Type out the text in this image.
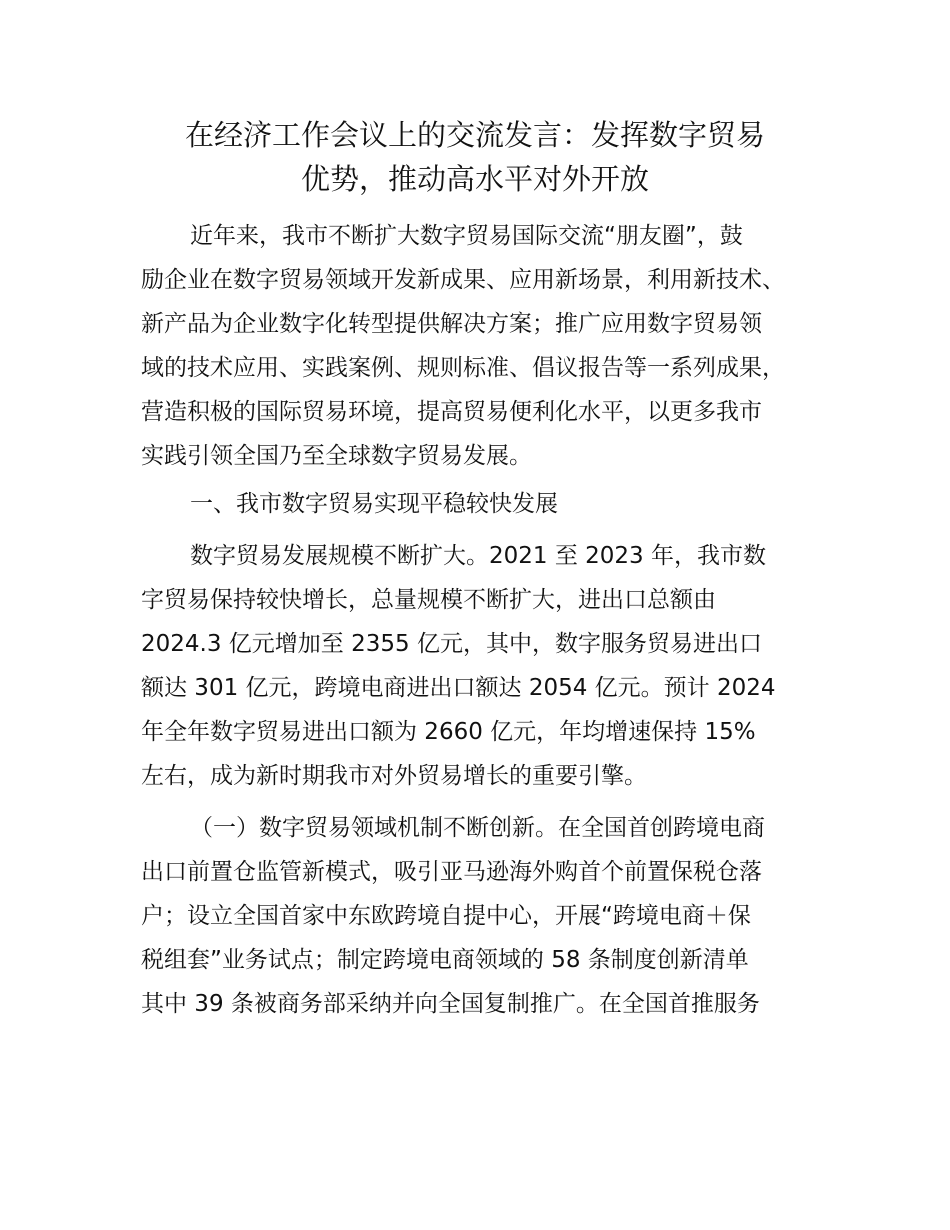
在经济工作会议上的交流发言：发挥数字贸易
优势，推动高水平对外开放

近年来，我市不断扩大数字贸易国际交流“朋友圈”，鼓

励企业在数字贸易领域开发新成果、应用新场景，利用新技术、

新产品为企业数字化转型提供解决方案；推广应用数字贸易领

域的技术应用、实践案例、规则标准、倡议报告等一系列成果，

营造积极的国际贸易环境，提高贸易便利化水平，以更多我市

实践引领全国乃至全球数字贸易发展。

一、我市数字贸易实现平稳较快发展

数字贸易发展规模不断扩大。2021 至 2023 年，我市数

字贸易保持较快增长，总量规模不断扩大，进出口总额由

2024.3 亿元增加至 2355 亿元，其中，数字服务贸易进出口

额达 301 亿元，跨境电商进出口额达 2054 亿元。预计 2024

年全年数字贸易进出口额为 2660 亿元，年均增速保持 15%

左右，成为新时期我市对外贸易增长的重要引擎。

（一）数字贸易领域机制不断创新。在全国首创跨境电商

出口前置仓监管新模式，吸引亚马逊海外购首个前置保税仓落

户；设立全国首家中东欧跨境自提中心，开展“跨境电商＋保

税组套”业务试点；制定跨境电商领域的 58 条制度创新清单

其中 39 条被商务部采纳并向全国复制推广。在全国首推服务
